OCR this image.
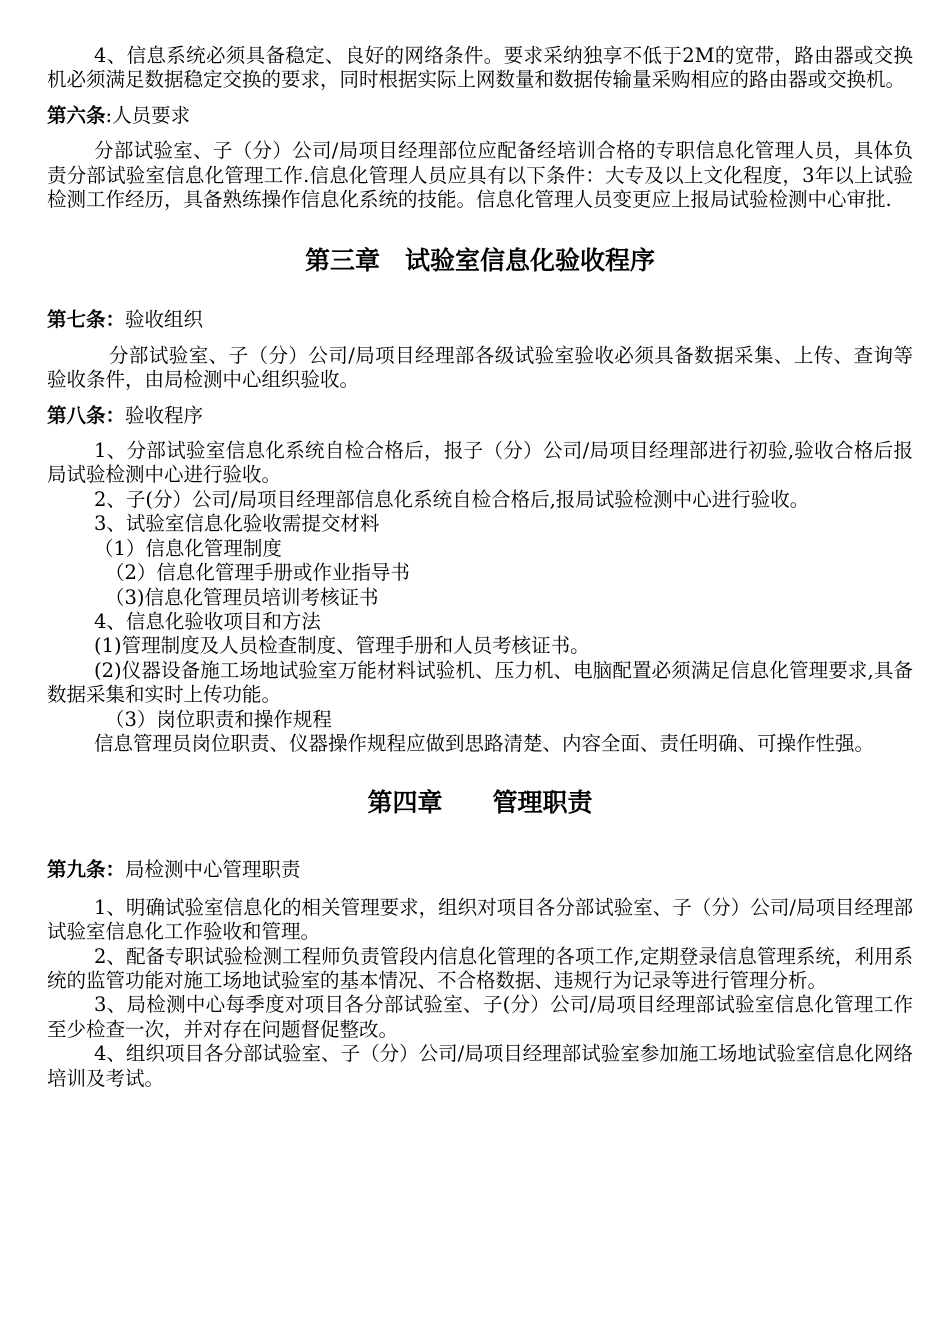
4、信息系统必须具备稳定、良好的网络条件。要求采纳独享不低于2M的宽带，路由器或交换机必须满足数据稳定交换的要求，同时根据实际上网数量和数据传输量采购相应的路由器或交换机。

第六条:人员要求

分部试验室、子（分）公司/局项目经理部位应配备经培训合格的专职信息化管理人员，具体负责分部试验室信息化管理工作.信息化管理人员应具有以下条件：大专及以上文化程度，3年以上试验检测工作经历，具备熟练操作信息化系统的技能。信息化管理人员变更应上报局试验检测中心审批.

第三章　试验室信息化验收程序

第七条：验收组织

分部试验室、子（分）公司/局项目经理部各级试验室验收必须具备数据采集、上传、查询等验收条件，由局检测中心组织验收。

第八条：验收程序

1、分部试验室信息化系统自检合格后，报子（分）公司/局项目经理部进行初验,验收合格后报局试验检测中心进行验收。

2、子(分）公司/局项目经理部信息化系统自检合格后,报局试验检测中心进行验收。

3、试验室信息化验收需提交材料

（1）信息化管理制度

（2）信息化管理手册或作业指导书

（3)信息化管理员培训考核证书

4、信息化验收项目和方法

(1)管理制度及人员检查制度、管理手册和人员考核证书。

(2)仪器设备施工场地试验室万能材料试验机、压力机、电脑配置必须满足信息化管理要求,具备数据采集和实时上传功能。

（3）岗位职责和操作规程

信息管理员岗位职责、仪器操作规程应做到思路清楚、内容全面、责任明确、可操作性强。

第四章　　管理职责

第九条：局检测中心管理职责

1、明确试验室信息化的相关管理要求，组织对项目各分部试验室、子（分）公司/局项目经理部试验室信息化工作验收和管理。

2、配备专职试验检测工程师负责管段内信息化管理的各项工作,定期登录信息管理系统，利用系统的监管功能对施工场地试验室的基本情况、不合格数据、违规行为记录等进行管理分析。

3、局检测中心每季度对项目各分部试验室、子(分）公司/局项目经理部试验室信息化管理工作至少检查一次，并对存在问题督促整改。

4、组织项目各分部试验室、子（分）公司/局项目经理部试验室参加施工场地试验室信息化网络培训及考试。
